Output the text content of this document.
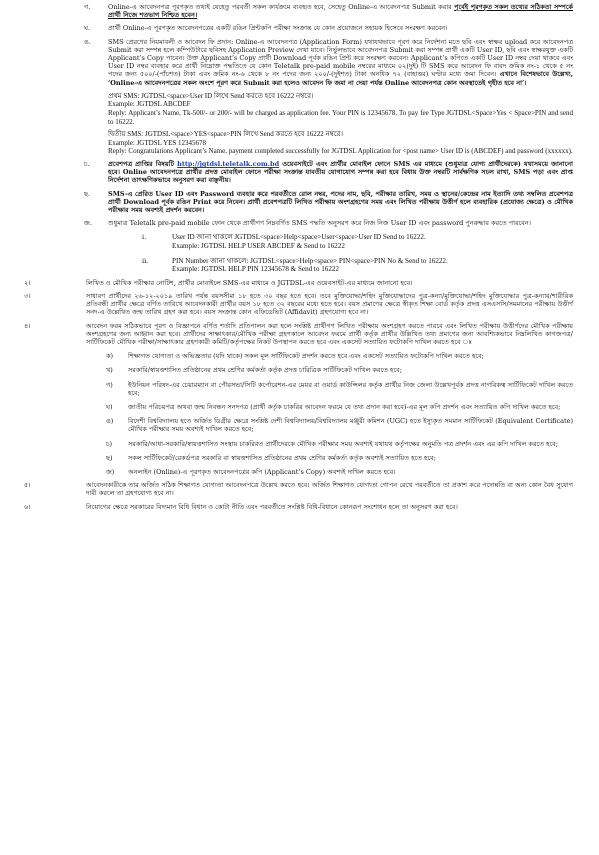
গ.	Online-এ আবেদনপত্র পূরণকৃত তথ্যই যেহেতু পরবর্তী সকল কার্যক্রমে ব্যবহৃত হবে, সেহেতু Online-এ আবেদনপত্র Submit করার পূর্বেই পূরণকৃত সকল তথ্যের সঠিকতা সম্পর্কে প্রার্থী নিজে শতভাগ নিশ্চিত হবেন।
ঘ.	প্রার্থী Online-এ পূরণকৃত আবেদনপত্রের একটি রঙিন প্রিন্টকপি পরীক্ষা সংক্রান্ত যে কোন প্রয়োজনে সহায়ক হিসেবে সংরক্ষণ করবেন।
ঙ.	SMS প্রেরণের নিয়মাবলী ও আবেদন ফি প্রদান: Online-এ আবেদনপত্র (Application Form) যথাযথভাবে পূরণ করে নির্দেশনা মতে ছবি এবং স্বাক্ষর upload করে আবেদনপত্র Submit করা সম্পন্ন হলে কম্পিউটারে ছবিসহ Application Preview দেখা যাবে। নির্ভুলভাবে আবেদনপত্র Submit করা সম্পন্ন প্রার্থী একটি User ID, ছবি এবং স্বাক্ষরযুক্ত একটি Applicant’s Copy পাবেন। উক্ত Applicant’s Copy প্রার্থী Download পূর্বক রঙিন প্রিন্ট করে সংরক্ষণ করবেন। Applicant’s কপিতে একটি User ID নম্বর দেয়া থাকবে এবং User ID নম্বর ব্যবহার করে প্রার্থী নিম্নোক্ত পদ্ধতিতে যে কোন Teletalk pre-paid mobile নম্বরের মাধ্যমে ০২(দুই) টি SMS করে আবেদন ফি বাবদ ক্রমিক নং-১ থেকে ৫ নং পদের জন্য ৫০০/-(পাঁচশত) টাকা এবং ক্রমিক নং-৬ থেকে ৮ নং পদের জন্য ২০০/-(দুইশত) টাকা অনধিক ৭২ (বাহাত্তর) ঘণ্টার মধ্যে জমা দিবেন। এখানে বিশেষভাবে উল্লেখ্য, ‘Online-এ আবেদনপত্রের সকল অংশে পূরণ করে Submit করা হলেও আবেদন ফি জমা না দেয়া পর্যন্ত Online আবেদনপত্র কোন অবস্থাতেই গৃহীত হবে না’।

প্রথম SMS: JGTDSL<space>User ID লিখে Send করতে হবে 16222 নম্বরে।

Example: JGTDSL ABCDEF

Reply: Applicant’s Name, Tk-500/- or 200/- will be charged as application fee. Your PIN is 12345678. To pay fee Type JGTDSL<Space>Yes < Space>PIN and send to 16222.

দ্বিতীয় SMS: JGTDSL<space>YES<space>PIN লিখে Send করতে হবে 16222 নম্বরে।

Example: JGTDSL YES 12345678

Reply: Congratulations Applicant’s Name, payment completed successfully for JGTDSL Application for <post name> User ID is (ABCDEF) and password (xxxxxx).

চ.	প্রবেশপত্র প্রাপ্তির বিষয়টি http://jgtdsl.teletalk.com.bd ওয়েবসাইটে এবং প্রার্থীর মোবাইল ফোনে SMS এর মাধ্যমে (শুধুমাত্র যোগ্য প্রার্থীদেরকে) যথাসময়ে জানানো হবে। Online আবেদনপত্রে প্রার্থীর প্রদত্ত মোবাইল ফোনে পরীক্ষা সংক্রান্ত যাবতীয় যোগাযোগ সম্পন্ন করা হবে বিধায় উক্ত নম্বরটি সার্বক্ষণিক সচল রাখা, SMS পড়া এবং প্রাপ্ত নির্দেশনা তাৎক্ষণিকভাবে অনুসরণ করা বাঞ্ছনীয়।
ছ.	SMS-এ প্রেরিত User ID এবং Password ব্যবহার করে পরবর্তীতে রোল নম্বর, পদের নাম, ছবি, পরীক্ষার তারিখ, সময় ও স্থানের/কেন্দ্রের নাম ইত্যাদি তথ্য সম্বলিত প্রবেশপত্র প্রার্থী Download পূর্বক রঙিন Print করে নিবেন। প্রার্থী প্রবেশপত্রটি লিখিত পরীক্ষায় অংশগ্রহণের সময় এবং লিখিত পরীক্ষায় উত্তীর্ণ হলে ব্যবহারিক (প্রযোজ্য ক্ষেত্রে) ও মৌখিক পরীক্ষার সময় অবশ্যই প্রদর্শন করবেন।
জ.	শুধুমাত্র Teletalk pre-paid mobile ফোন থেকে প্রার্থীগণ নিম্নবর্ণিত SMS পদ্ধতি অনুসরণ করে নিজ নিজ User ID এবং password পুনরুদ্ধার করতে পারবেন।
i.	User ID জানা থাকলে JGTDSL<space>Help<space>User<space>User ID Send to 16222.
Example: JGTDSL HELP USER ABCDEF & Send to 16222
ii.	PIN Number জানা থাকলে: JGTDSL<space>Help<space> PIN<space>PIN No & Send to 16222.
Example: JGTDSL HELP PIN 12345678 & Send to 16222
২।	লিখিত ও মৌখিক পরীক্ষার নোটিশ, প্রার্থীর মোবাইলে SMS-এর মাধ্যমে ও JGTDSL-এর ওয়েবসাইট-এর মাধ্যমে জানানো হবে।
৩।	সাধারণ প্রার্থীদের ২৬-১২-২০১৯ তারিখ পর্যন্ত বয়সসীমা ১৮ হতে ৩০ বছর হতে হবে। তবে মুক্তিযোদ্ধা/শহিদ মুক্তিযোদ্ধাদের পুত্র-কন্যা/মুক্তিযোদ্ধা/শহিদ মুক্তিযোদ্ধার পুত্র-কন্যার/শারীরিক প্রতিবন্ধী প্রার্থীর ক্ষেত্রে বর্ণিত তারিখে আবেদনকারী প্রার্থীর বয়স ১৮ হতে ৩২ বছরের মধ্যে হতে হবে। বয়স প্রমাণের ক্ষেত্রে স্বীকৃত শিক্ষা বোর্ড কর্তৃক প্রদত্ত এসএসসি/সমমানের পরীক্ষায় উত্তীর্ণ সনদ-এ উল্লেখিত জন্ম তারিখ গ্রহণ করা হবে। বয়স সংক্রান্ত কোন এফিডেভিট (Affidavit) গ্রহণযোগ্য হবে না।
৪।	আবেদন ফরম সঠিকভাবে পূরণ ও বিজ্ঞাপনে বর্ণিত শর্তাদি প্রতিপালন করা হলে সংশ্লিষ্ট প্রার্থীগণ লিখিত পরীক্ষায় অংশগ্রহণ করতে পারবে এবং লিখিত পরীক্ষায় উত্তীর্ণদের মৌখিক পরীক্ষায় অংশগ্রহণের জন্য আহ্বান করা হবে। প্রার্থীদের সাক্ষাৎকার/মৌখিক পরীক্ষা গ্রহণকালে আবেদন ফরমে প্রার্থী কর্তৃক প্রার্থীর উল্লিখিত তথ্য প্রমাণের জন্য আবশ্যিকভাবে নিম্নলিখিত কাগজপত্র/সার্টিফিকেট মৌখিক পরীক্ষা/সাক্ষাৎকার গ্রহণকারী কমিটি/কর্তৃপক্ষের নিকট উপস্থাপন করতে হবে এবং একসেট সত্যায়িত ফটোকপি দাখিল করতে হবে ঃ
ক)	শিক্ষাগত যোগ্যতা ও অভিজ্ঞতার (যদি থাকে) সকল মূল সার্টিফিকেট প্রদর্শন করতে হবে এবং একসেট সত্যায়িত ফটোকপি দাখিল করতে হবে;
খ)	সরকারি/স্বায়ত্তশাসিত প্রতিষ্ঠানের প্রথম শ্রেণির কর্মকর্তা কর্তৃক প্রদত্ত চারিত্রিক সার্টিফিকেট দাখিল করতে হবে;
গ)	ইউনিয়ন পরিষদ-এর চেয়ারম্যান বা পৌরসভা/সিটি কর্পোরেশন-এর মেয়র বা ওয়ার্ড কাউন্সিলর কর্তৃক প্রার্থীর নিজ জেলা উল্লেখপূর্বক প্রদত্ত নাগরিকত্ব সার্টিফিকেট দাখিল করতে হবে;
ঘ)	জাতীয় পরিচয়পত্র অথবা জন্ম নিবন্ধন সনদপত্র (প্রার্থী কর্তৃক চাকরির আবেদন ফরমে যে তথ্য প্রদান করা হবে)-এর মূল কপি প্রদর্শন এবং সত্যায়িত কপি দাখিল করতে হবে;
ঙ)	বিদেশী বিশ্ববিদ্যালয় হতে অর্জিত ডিগ্রীর ক্ষেত্রে সংশ্লিষ্ট দেশী বিশ্ববিদ্যালয়/বিশ্ববিদ্যালয় মঞ্জুরী কমিশন (UGC) হতে ইস্যুকৃত সমমান সার্টিফিকেট (Equivalent Certificate) মৌখিক পরীক্ষার সময় অবশ্যই দাখিল করতে হবে;
চ)	সরকারি/আধা-সরকারি/স্বায়ত্তশাসিত সংস্থায় চাকরিরত প্রার্থীদেরকে মৌখিক পরীক্ষার সময় অবশ্যই যথাযথ কর্তৃপক্ষের অনুমতি পত্র প্রদর্শন এবং এর কপি দাখিল করতে হবে;
ছ)	সকল সার্টিফিকেট/রেকর্ডপত্র সরকারি বা স্বায়ত্তশাসিত প্রতিষ্ঠানের প্রথম শ্রেণির কর্মকর্তা কর্তৃক অবশ্যই সত্যায়িত হতে হবে;
জ)	অনলাইন (Online)-এ পূরণকৃত আবেদনপত্রের কপি (Applicant’s Copy) অবশ্যই দাখিল করতে হবে।
৫।	আবেদনকারীকে তার অর্জিত সঠিক শিক্ষাগত যোগ্যতা আবেদনপত্রে উল্লেখ করতে হবে। অর্জিত শিক্ষাগত যোগ্যতা গোপন রেখে পরবর্তীতে তা প্রকাশ করে পদোন্নতি বা অন্য কোন বৈধ সুযোগ দাবী করলে তা গ্রহণযোগ্য হবে না।
৬।	নিয়োগের ক্ষেত্রে সরকারের বিদ্যমান বিধি বিধান ও কোটা নীতি এবং পরবর্তীতে সংশ্লিষ্ট বিধি-বিধানে কোনরূপ সংশোধন হলে তা অনুসরণ করা হবে।
